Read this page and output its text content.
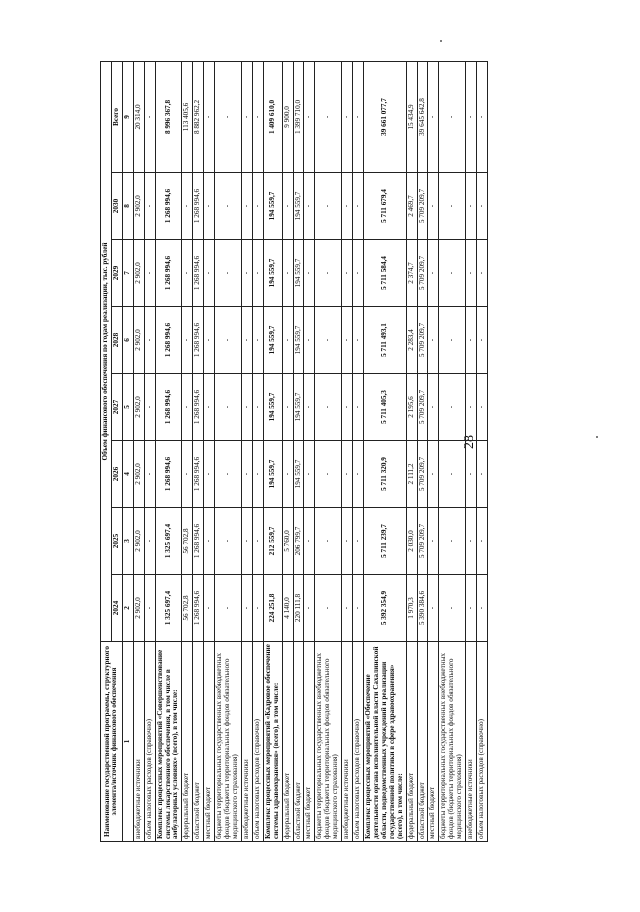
28
Наименование государственной программы, структурного элемента/источник финансового обеспечения	Объем финансового обеспечения по годам реализации, тыс. рублей							
	2024	2025	2026	2027	2028	2029	2030	Всего
1	2	3	4	5	6	7	8	9
внебюджетные источники	2 902,0	2 902,0	2 902,0	2 902,0	2 902,0	2 902,0	2 902,0	20 314,0
объем налоговых расходов (справочно)	-	-	-	-	-	-	-	-
Комплекс процессных мероприятий «Совершенствование системы лекарственного обеспечения, в том числе в амбулаторных условиях» (всего), в том числе:	1 325 697,4	1 325 697,4	1 268 994,6	1 268 994,6	1 268 994,6	1 268 994,6	1 268 994,6	8 996 367,8
федеральный бюджет	56 702,8	56 702,8	-	-	-	-	-	113 405,6
областной бюджет	1 268 994,6	1 268 994,6	1 268 994,6	1 268 994,6	1 268 994,6	1 268 994,6	1 268 994,6	8 882 962,2
местный бюджет	-	-	-	-	-	-	-	-
бюджеты территориальных государственных внебюджетных фондов (бюджеты территориальных фондов обязательного медицинского страхования)	-	-	-	-	-	-	-	-
внебюджетные источники	-	-	-	-	-	-	-	-
объем налоговых расходов (справочно)	-	-	-	-	-	-	-	-
Комплекс процессных мероприятий «Кадровое обеспечение системы здравоохранения» (всего), в том числе:	224 251,8	212 559,7	194 559,7	194 559,7	194 559,7	194 559,7	194 559,7	1 409 610,0
федеральный бюджет	4 140,0	5 760,0	-	-	-	-	-	9 900,0
областной бюджет	220 111,8	206 799,7	194 559,7	194 559,7	194 559,7	194 559,7	194 559,7	1 399 710,0
местный бюджет	-	-	-	-	-	-	-	-
бюджеты территориальных государственных внебюджетных фондов (бюджеты территориальных фондов обязательного медицинского страхования)	-	-	-	-	-	-	-	-
внебюджетные источники	-	-	-	-	-	-	-	-
объем налоговых расходов (справочно)	-	-	-	-	-	-	-	-
Комплекс процессных мероприятий «Обеспечение деятельности органа исполнительной власти Сахалинской области, подведомственных учреждений и реализации государственной политики в сфере здравоохранения» (всего), в том числе:	5 392 354,9	5 711 239,7	5 711 320,9	5 711 405,3	5 711 493,1	5 711 584,4	5 711 679,4	39 661 077,7
федеральный бюджет	1 970,3	2 030,0	2 111,2	2 195,6	2 283,4	2 374,7	2 469,7	15 434,9
областной бюджет	5 390 384,6	5 709 209,7	5 709 209,7	5 709 209,7	5 709 209,7	5 709 209,7	5 709 209,7	39 645 642,8
местный бюджет	-	-	-	-	-	-	-	-
бюджеты территориальных государственных внебюджетных фондов (бюджеты территориальных фондов обязательного медицинского страхования)	-	-	-	-	-	-	-	-
внебюджетные источники	-	-	-	-	-	-	-	-
объем налоговых расходов (справочно)	-	-	-	-	-	-	-	-
